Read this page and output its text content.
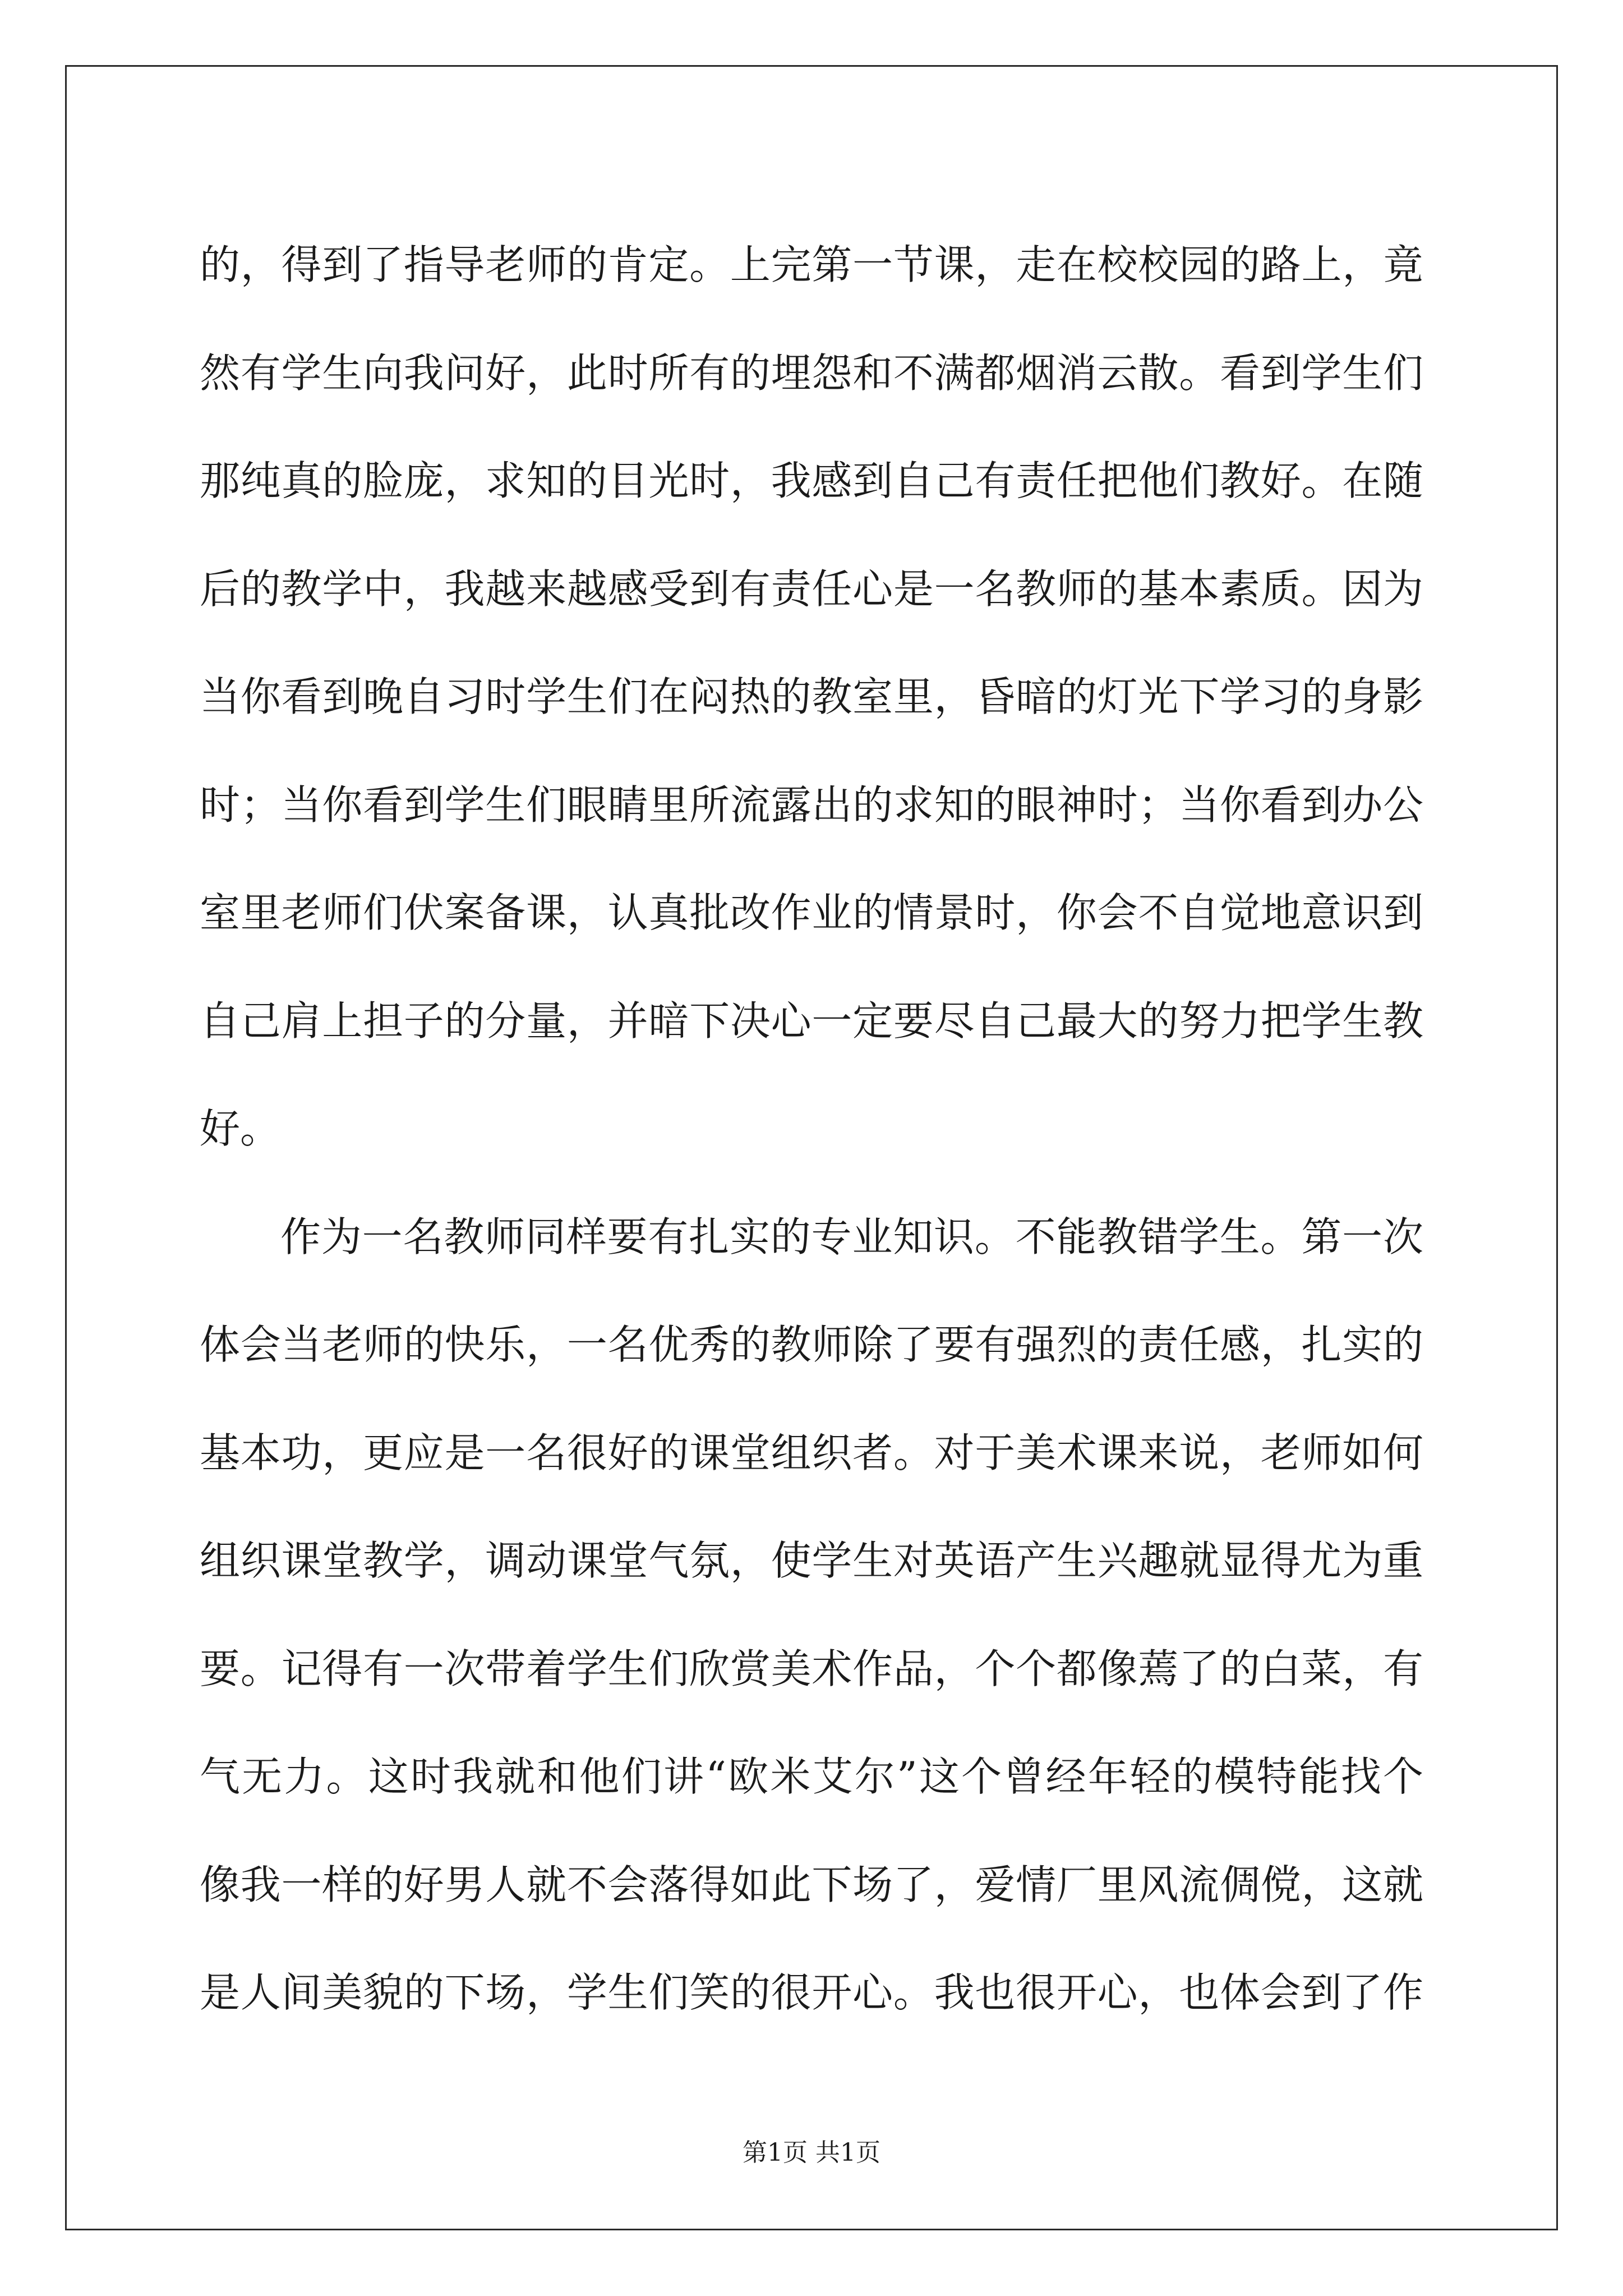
的，得到了指导老师的肯定。上完第一节课，走在校校园的路上，竟
然有学生向我问好，此时所有的埋怨和不满都烟消云散。看到学生们
那纯真的脸庞，求知的目光时，我感到自己有责任把他们教好。在随
后的教学中，我越来越感受到有责任心是一名教师的基本素质。因为
当你看到晚自习时学生们在闷热的教室里，昏暗的灯光下学习的身影
时；当你看到学生们眼睛里所流露出的求知的眼神时；当你看到办公
室里老师们伏案备课，认真批改作业的情景时，你会不自觉地意识到
自己肩上担子的分量，并暗下决心一定要尽自己最大的努力把学生教
好。
作为一名教师同样要有扎实的专业知识。不能教错学生。第一次
体会当老师的快乐，一名优秀的教师除了要有强烈的责任感，扎实的
基本功，更应是一名很好的课堂组织者。对于美术课来说，老师如何
组织课堂教学，调动课堂气氛，使学生对英语产生兴趣就显得尤为重
要。记得有一次带着学生们欣赏美术作品，个个都像蔫了的白菜，有
气无力。这时我就和他们讲“欧米艾尔”这个曾经年轻的模特能找个
像我一样的好男人就不会落得如此下场了，爱情厂里风流倜傥，这就
是人间美貌的下场，学生们笑的很开心。我也很开心，也体会到了作
第1页 共1页
